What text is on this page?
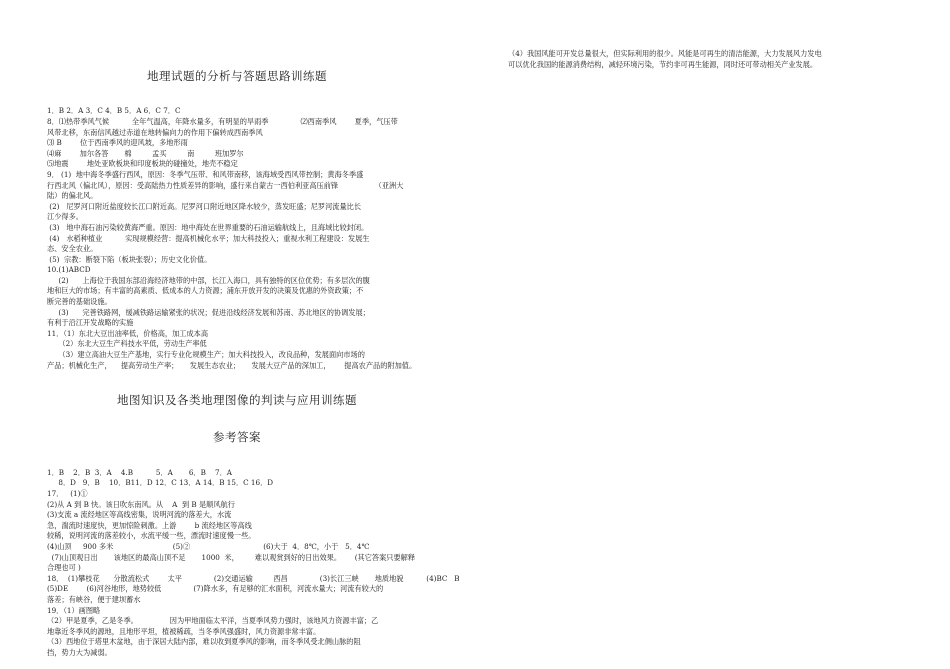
地理试题的分析与答题思路训练题

1．B 2．A 3．C 4．B 5．A 6．C 7．C
8．⑴热带季风气候          全年气温高，年降水量多，有明显的旱雨季              ⑵西南季风        夏季，气压带
风带北移，东南信风越过赤道在地转偏向力的作用下偏转成西南季风
⑶ B        位于西南季风的迎风坡，多地形雨
⑷麻        加尔各答       棉         孟买         南         班加罗尔
⑸地震        地处亚欧板块和印度板块的碰撞处，地壳不稳定
9． (1)  地中海冬季盛行西风，原因：冬季气压带、和风带南移，该海域受西风带控制；黄海冬季盛
行西北风（偏北风），原因：受高陆热力性质差异的影响，盛行来自蒙古一西伯利亚高压前锋                （亚洲大
陆）的偏北风。
(2)   尼罗河口附近盐度较长江口附近高。尼罗河口附近地区降水较少，蒸发旺盛；尼罗河流量比长
江少得多。
(3)   地中海石油污染较黄海严重。原因：地中海处在世界重要的石油运输航线上，且海域比较封闭。
(4)   水稻种植业          实现规模经营：提高机械化水平；加大科技投入；重视水利工程建设：发展生
态、安全农业。
(5)  宗教：断裂下陷（板块张裂）；历史文化价值。
10.(1)ABCD
(2)      上海位于我国东部沿海经济地带的中部，长江入海口，具有独特的区位优势；有多层次的腹
地和巨大的市场；有丰富的高素质、低成本的人力资源；浦东开放开发的决策及优惠的外资政策；不
断完善的基础设施。
(3)      完善铁路网，缓减铁路运输紧张的状况；促进沿线经济发展和苏南、苏北地区的协调发展；
有利于沿江开发战略的实施
11．（1）东北大豆出油率低，价格高，加工成本高
（2）东北大豆生产科技水平低，劳动生产率低
（3）建立高油大豆生产基地，实行专业化规模生产；加大科技投入，改良品种，发展面向市场的
产品；机械化生产，    提高劳动生产率；     发展生态农业；     发展大豆产品的深加工，      提高农产品的附加值。

地图知识及各类地理图像的判读与应用训练题

参考答案

1．B    2．B  3．A    4.B          5．A       6．B    7．A
8．D   9．B    10．B11．D 12．C 13．A 14．B 15．C 16．D
17．   (1)①
(2)从 A 到 B 快。该日吹东南风。从    A  到 B 是顺风航行
(3)支流 a 流经地区等高线密集，说明河流的落差大，水流
急，湍流时速度快，更加惊险刺激。上游        b 流经地区等高线
较稀，说明河流的落差较小，水流平缓一些，漂流时速度慢一些。
(4)山顶     900 多米                          (5)②                                (6)大于  4．8℃，小于   5．4℃
(7)山顶观日出       该地区的最高山顶不足       1000  米，       难以观赏到好的日出效果。      (其它答案只要解释
合理也可 )
18．  (1)攀枝花      分散流松式        太平              (2)交通运输         西昌              (3)长江三峡       地质地貌          (4)BC   B
(5)DE        (6)河谷地形，地势较低              (7)降水多，有足够的汇水面积，河流水量大；河流有较大的
落差；有峡谷，便于建坝蓄水
19．（1）画图略
（2）甲是夏季，乙是冬季。              因为甲地面临太平洋，当夏季风势力强时，该地风力资源丰富；乙
地靠近冬季风的源地，且地形平坦，植被稀疏，当冬季风强盛时，风力资源非常丰富。
（3）西地位于塔里木盆地，由于深居大陆内部，难以收到夏季风的影响，而冬季风受北侧山脉的阻
挡，势力大为减弱。

（4）我国风能可开发总量很大，但实际利用的很少。风能是可再生的清洁能源，大力发展风力发电
可以优化我国的能源消费结构，减轻环境污染，节约非可再生能源，同时还可带动相关产业发展。
